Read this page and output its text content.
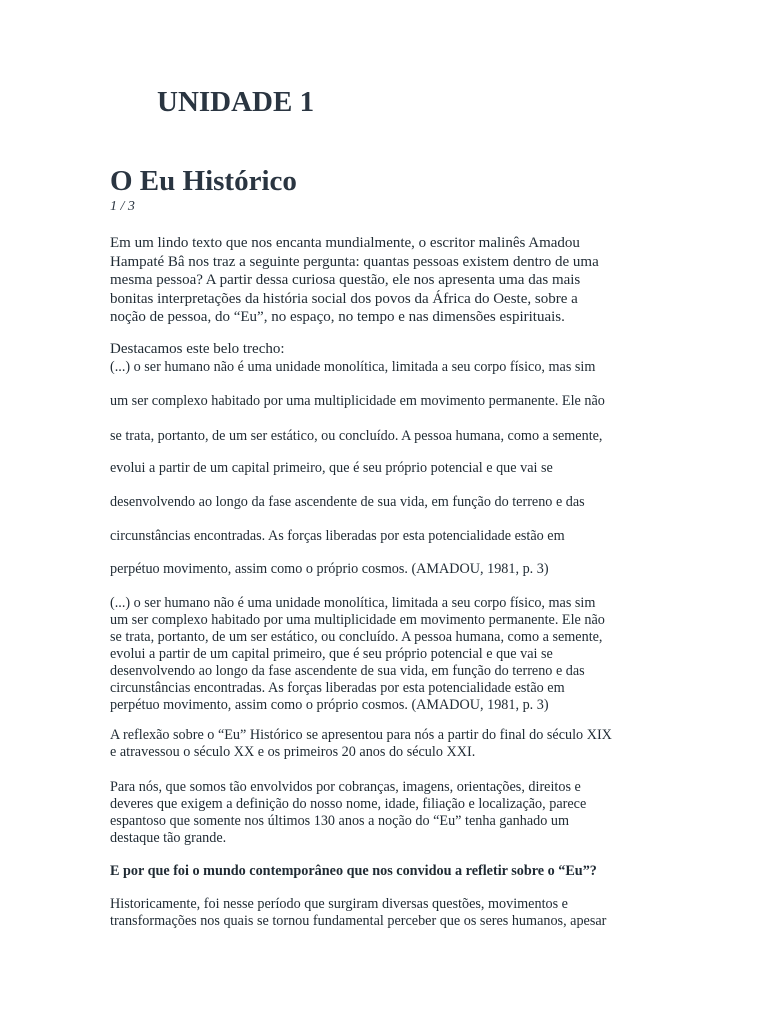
UNIDADE 1
O Eu Histórico
1 / 3

Em um lindo texto que nos encanta mundialmente, o escritor malinês Amadou
Hampaté Bâ nos traz a seguinte pergunta: quantas pessoas existem dentro de uma
mesma pessoa? A partir dessa curiosa questão, ele nos apresenta uma das mais
bonitas interpretações da história social dos povos da África do Oeste, sobre a
noção de pessoa, do “Eu”, no espaço, no tempo e nas dimensões espirituais.

Destacamos este belo trecho:

(...) o ser humano não é uma unidade monolítica, limitada a seu corpo físico, mas sim
um ser complexo habitado por uma multiplicidade em movimento permanente. Ele não
se trata, portanto, de um ser estático, ou concluído. A pessoa humana, como a semente,
evolui a partir de um capital primeiro, que é seu próprio potencial e que vai se
desenvolvendo ao longo da fase ascendente de sua vida, em função do terreno e das
circunstâncias encontradas. As forças liberadas por esta potencialidade estão em
perpétuo movimento, assim como o próprio cosmos. (AMADOU, 1981, p. 3)

(...) o ser humano não é uma unidade monolítica, limitada a seu corpo físico, mas sim
um ser complexo habitado por uma multiplicidade em movimento permanente. Ele não
se trata, portanto, de um ser estático, ou concluído. A pessoa humana, como a semente,
evolui a partir de um capital primeiro, que é seu próprio potencial e que vai se
desenvolvendo ao longo da fase ascendente de sua vida, em função do terreno e das
circunstâncias encontradas. As forças liberadas por esta potencialidade estão em
perpétuo movimento, assim como o próprio cosmos. (AMADOU, 1981, p. 3)

A reflexão sobre o “Eu” Histórico se apresentou para nós a partir do final do século XIX
e atravessou o século XX e os primeiros 20 anos do século XXI.

Para nós, que somos tão envolvidos por cobranças, imagens, orientações, direitos e
deveres que exigem a definição do nosso nome, idade, filiação e localização, parece
espantoso que somente nos últimos 130 anos a noção do “Eu” tenha ganhado um
destaque tão grande.

E por que foi o mundo contemporâneo que nos convidou a refletir sobre o “Eu”?

Historicamente, foi nesse período que surgiram diversas questões, movimentos e
transformações nos quais se tornou fundamental perceber que os seres humanos, apesar
